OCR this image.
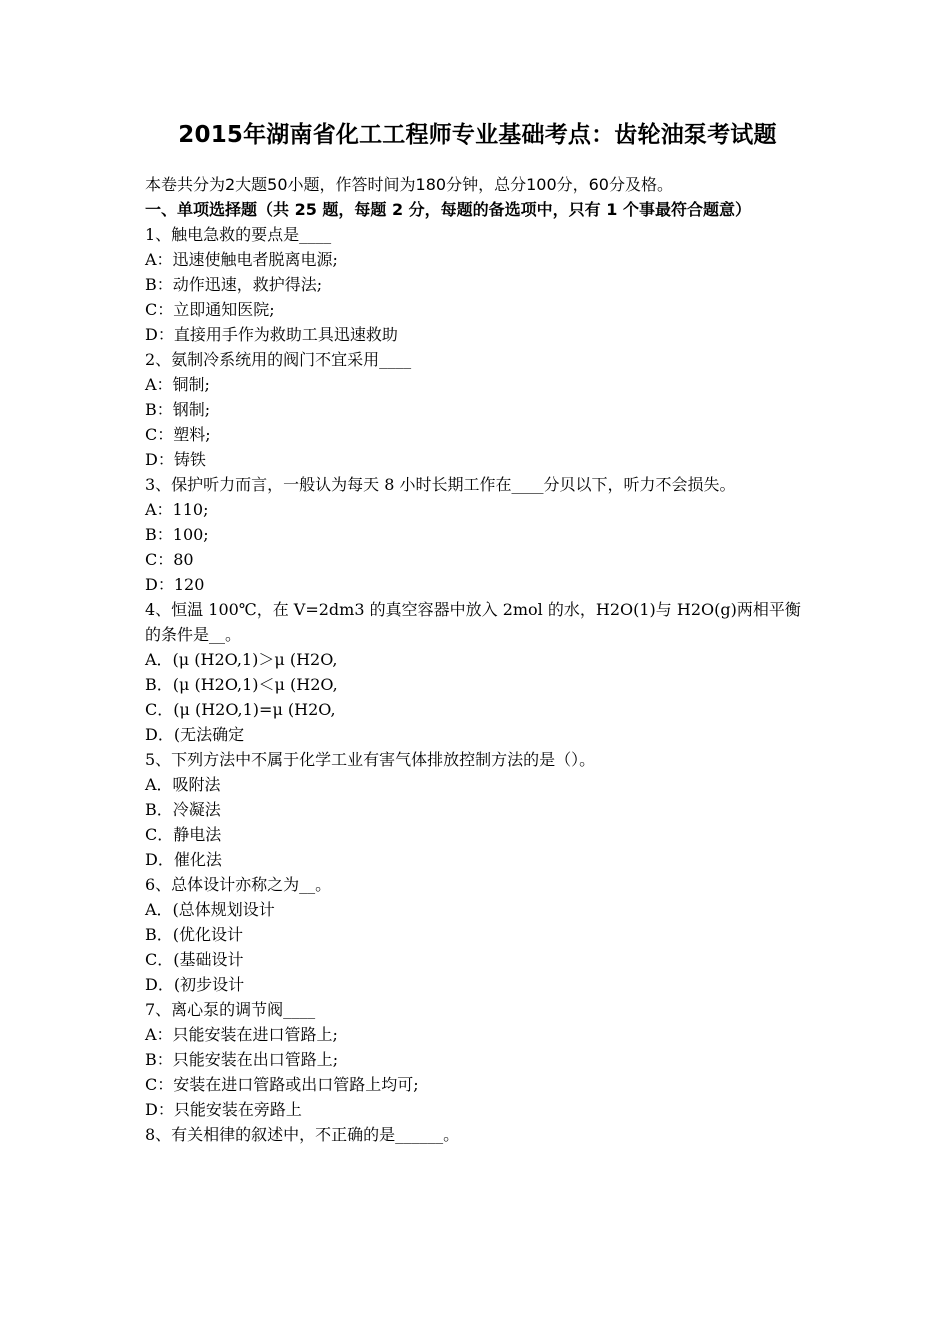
2015年湖南省化工工程师专业基础考点：齿轮油泵考试题

本卷共分为2大题50小题，作答时间为180分钟，总分100分，60分及格。

一、单项选择题（共 25 题，每题 2 分，每题的备选项中，只有 1 个事最符合题意）

1、触电急救的要点是____

A：迅速使触电者脱离电源;

B：动作迅速，救护得法;

C：立即通知医院;

D：直接用手作为救助工具迅速救助

2、氨制冷系统用的阀门不宜采用____

A：铜制;

B：钢制;

C：塑料;

D：铸铁

3、保护听力而言，一般认为每天 8 小时长期工作在____分贝以下，听力不会损失。

A：110;

B：100;

C：80

D：120

4、恒温 100℃，在 V=2dm3 的真空容器中放入 2mol 的水，H2O(1)与 H2O(g)两相平衡的条件是__。

A．(μ (H2O,1)＞μ (H2O,

B．(μ (H2O,1)＜μ (H2O,

C．(μ (H2O,1)=μ (H2O,

D．(无法确定

5、下列方法中不属于化学工业有害气体排放控制方法的是（）。

A．吸附法

B．冷凝法

C．静电法

D．催化法

6、总体设计亦称之为__。

A．(总体规划设计

B．(优化设计

C．(基础设计

D．(初步设计

7、离心泵的调节阀____

A：只能安装在进口管路上;

B：只能安装在出口管路上;

C：安装在进口管路或出口管路上均可;

D：只能安装在旁路上

8、有关相律的叙述中，不正确的是______。
